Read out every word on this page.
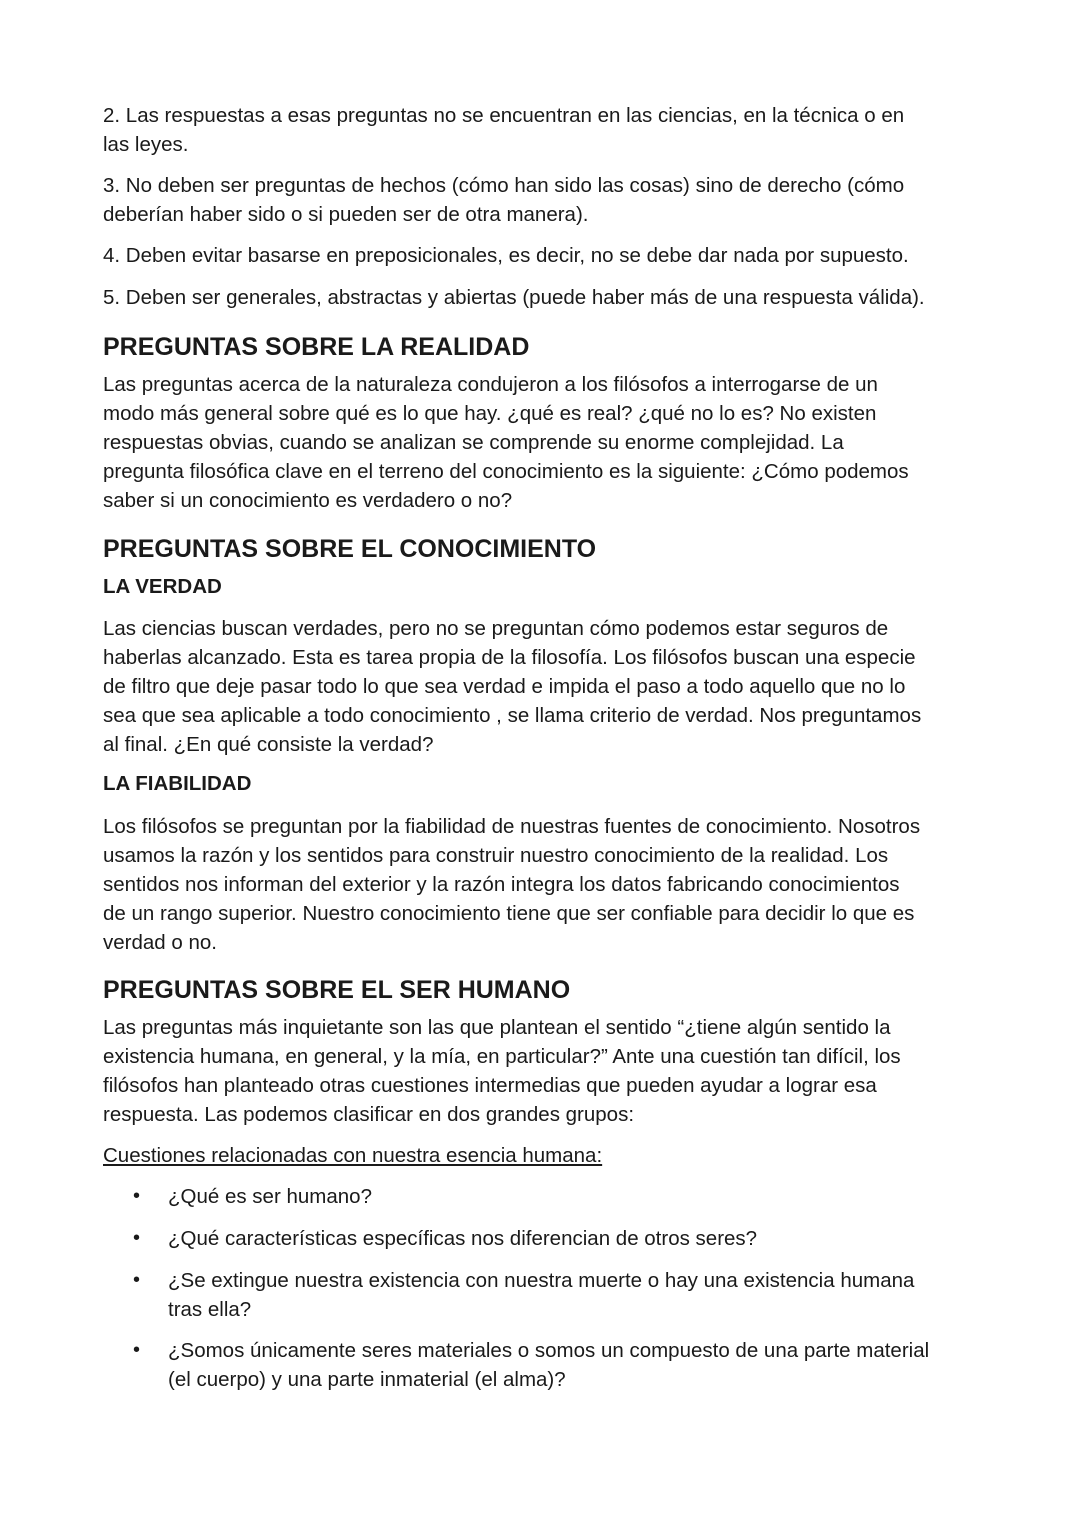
2. Las respuestas a esas preguntas no se encuentran en las ciencias, en la técnica o en
las leyes.
3. No deben ser preguntas de hechos (cómo han sido las cosas) sino de derecho (cómo
deberían haber sido o si pueden ser de otra manera).
4. Deben evitar basarse en preposicionales, es decir, no se debe dar nada por supuesto.
5. Deben ser generales, abstractas y abiertas (puede haber más de una respuesta válida).
PREGUNTAS SOBRE LA REALIDAD
Las preguntas acerca de la naturaleza condujeron a los filósofos a interrogarse de un
modo más general sobre qué es lo que hay. ¿qué es real? ¿qué no lo es? No existen
respuestas obvias, cuando se analizan se comprende su enorme complejidad. La
pregunta filosófica clave en el terreno del conocimiento es la siguiente: ¿Cómo podemos
saber si un conocimiento es verdadero o no?
PREGUNTAS SOBRE EL CONOCIMIENTO
LA VERDAD
Las ciencias buscan verdades, pero no se preguntan cómo podemos estar seguros de
haberlas alcanzado. Esta es tarea propia de la filosofía. Los filósofos buscan una especie
de filtro que deje pasar todo lo que sea verdad e impida el paso a todo aquello que no lo
sea que sea aplicable a todo conocimiento , se llama criterio de verdad. Nos preguntamos
al final. ¿En qué consiste la verdad?
LA FIABILIDAD
Los filósofos se preguntan por la fiabilidad de nuestras fuentes de conocimiento. Nosotros
usamos la razón y los sentidos para construir nuestro conocimiento de la realidad. Los
sentidos nos informan del exterior y la razón integra los datos fabricando conocimientos
de un rango superior. Nuestro conocimiento tiene que ser confiable para decidir lo que es
verdad o no.
PREGUNTAS SOBRE EL SER HUMANO
Las preguntas más inquietante son las que plantean el sentido “¿tiene algún sentido la
existencia humana, en general, y la mía, en particular?” Ante una cuestión tan difícil, los
filósofos han planteado otras cuestiones intermedias que pueden ayudar a lograr esa
respuesta. Las podemos clasificar en dos grandes grupos:
Cuestiones relacionadas con nuestra esencia humana:
• ¿Qué es ser humano?
• ¿Qué características específicas nos diferencian de otros seres?
• ¿Se extingue nuestra existencia con nuestra muerte o hay una existencia humana
tras ella?
• ¿Somos únicamente seres materiales o somos un compuesto de una parte material
(el cuerpo) y una parte inmaterial (el alma)?
